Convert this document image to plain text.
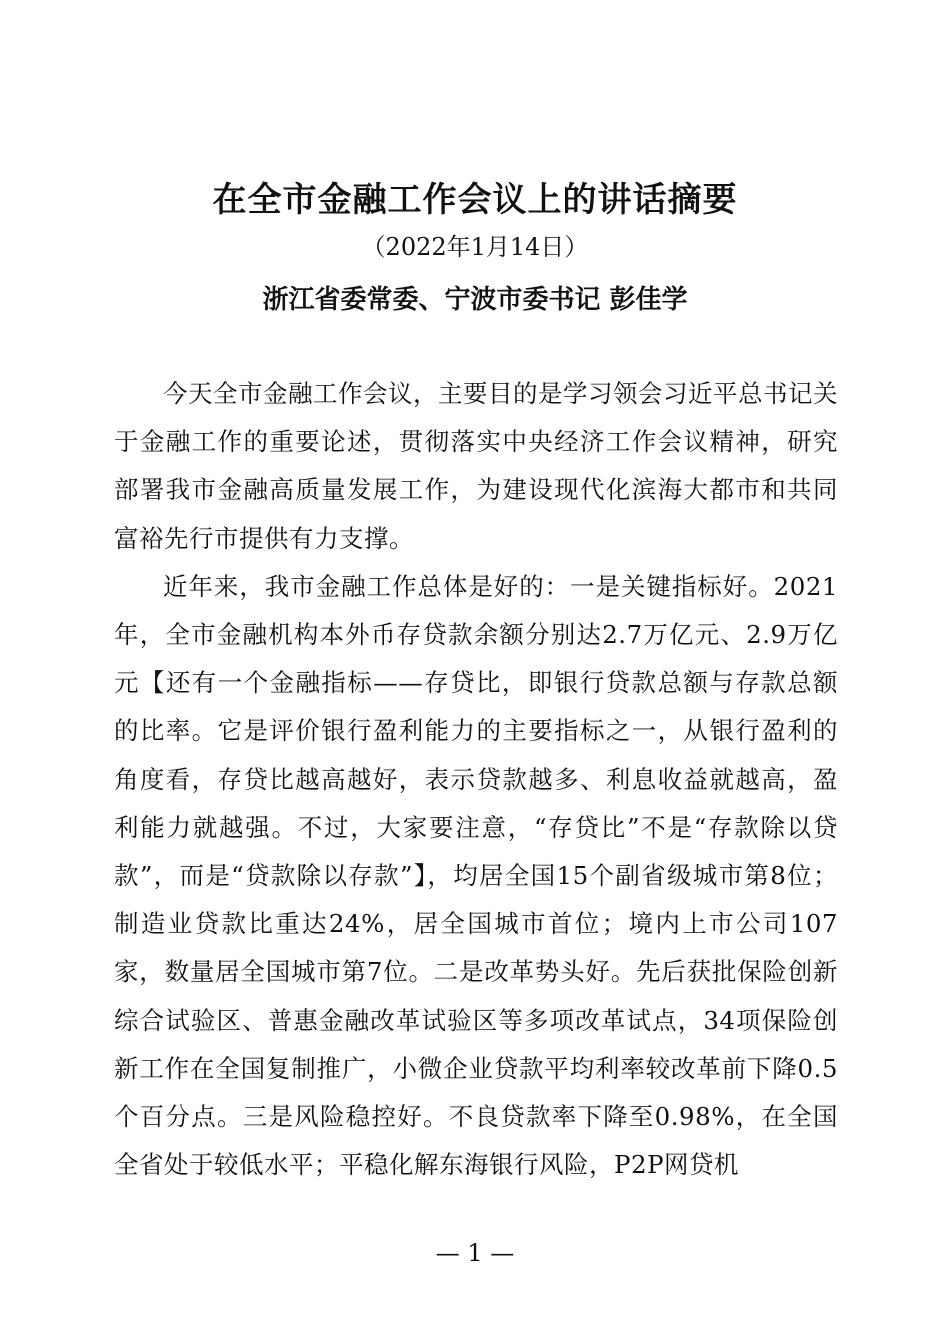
在全市金融工作会议上的讲话摘要
（2022年1月14日）
浙江省委常委、宁波市委书记 彭佳学

今天全市金融工作会议，主要目的是学习领会习近平总书记关于金融工作的重要论述，贯彻落实中央经济工作会议精神，研究部署我市金融高质量发展工作，为建设现代化滨海大都市和共同富裕先行市提供有力支撑。

近年来，我市金融工作总体是好的：一是关键指标好。2021年，全市金融机构本外币存贷款余额分别达2.7万亿元、2.9万亿元【还有一个金融指标——存贷比，即银行贷款总额与存款总额的比率。它是评价银行盈利能力的主要指标之一，从银行盈利的角度看，存贷比越高越好，表示贷款越多、利息收益就越高，盈利能力就越强。不过，大家要注意，“存贷比”不是“存款除以贷款”，而是“贷款除以存款”】，均居全国15个副省级城市第8位；制造业贷款比重达24%，居全国城市首位；境内上市公司107家，数量居全国城市第7位。二是改革势头好。先后获批保险创新综合试验区、普惠金融改革试验区等多项改革试点，34项保险创新工作在全国复制推广，小微企业贷款平均利率较改革前下降0.5个百分点。三是风险稳控好。不良贷款率下降至0.98%，在全国全省处于较低水平；平稳化解东海银行风险，P2P网贷机

— 1 —
